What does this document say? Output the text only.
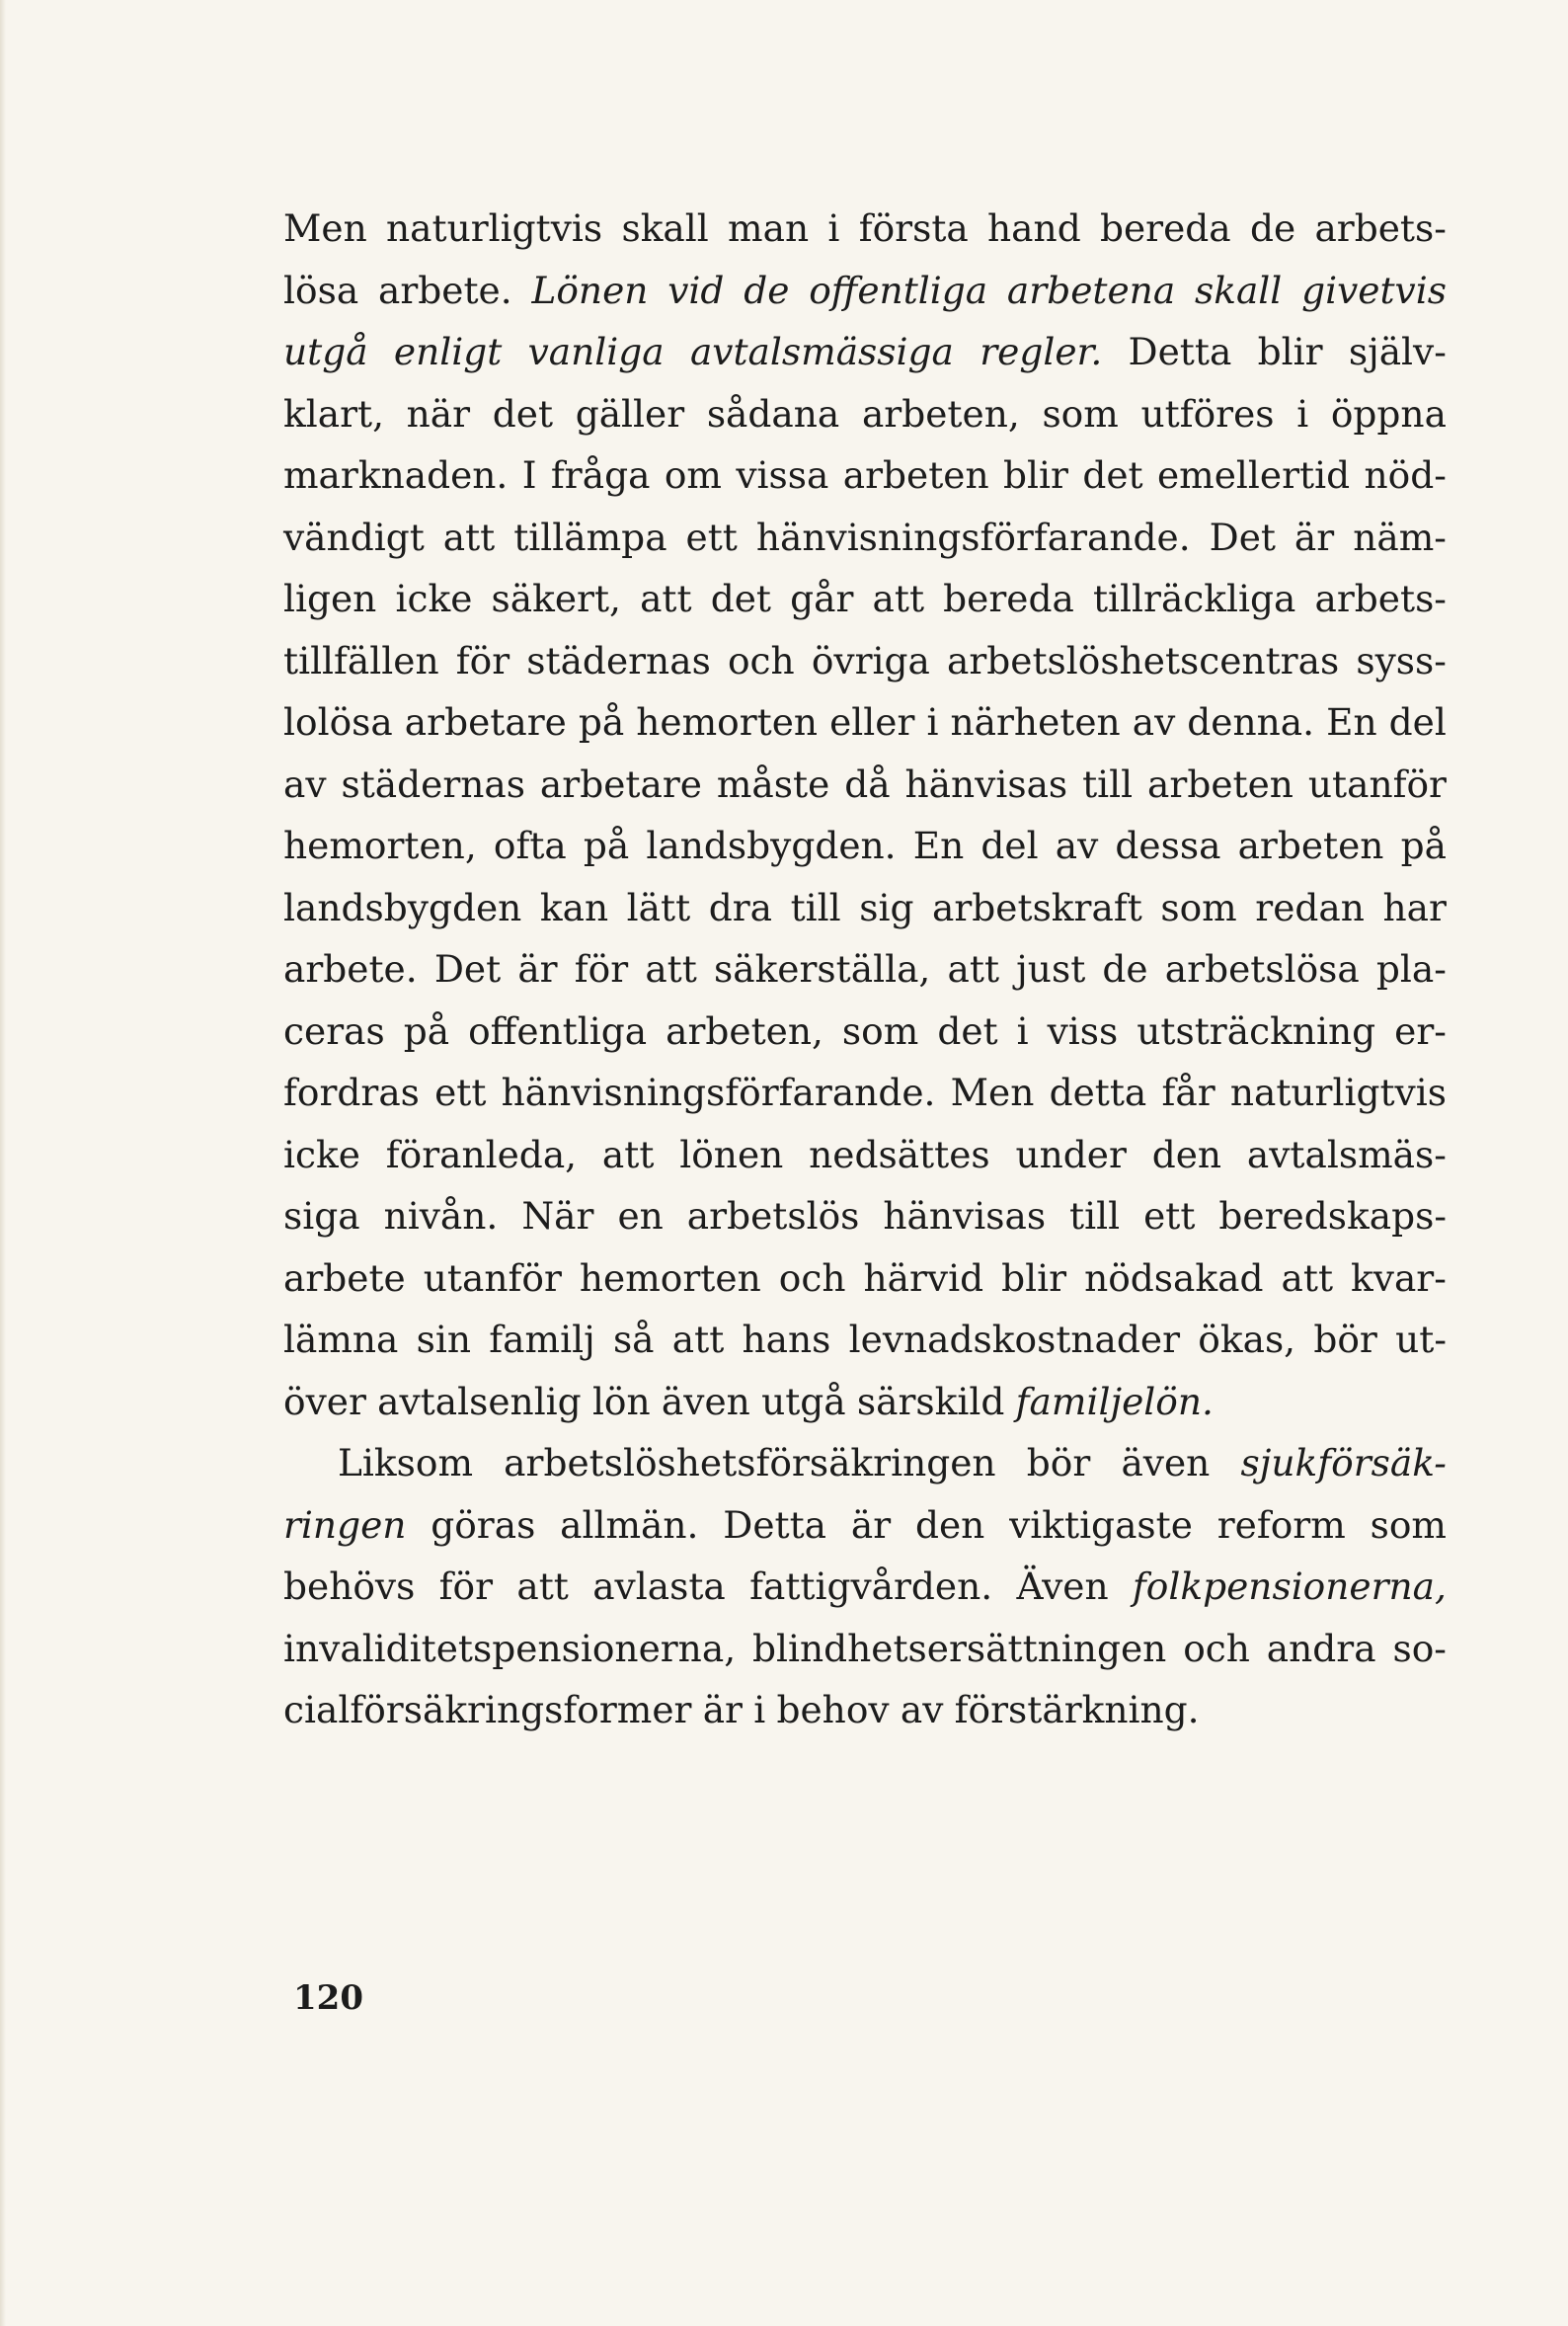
Men naturligtvis skall man i första hand bereda de arbets-
lösa arbete. Lönen vid de offentliga arbetena skall givetvis
utgå enligt vanliga avtalsmässiga regler. Detta blir själv-
klart, när det gäller sådana arbeten, som utföres i öppna
marknaden. I fråga om vissa arbeten blir det emellertid nöd-
vändigt att tillämpa ett hänvisningsförfarande. Det är näm-
ligen icke säkert, att det går att bereda tillräckliga arbets-
tillfällen för städernas och övriga arbetslöshetscentras syss-
lolösa arbetare på hemorten eller i närheten av denna. En del
av städernas arbetare måste då hänvisas till arbeten utanför
hemorten, ofta på landsbygden. En del av dessa arbeten på
landsbygden kan lätt dra till sig arbetskraft som redan har
arbete. Det är för att säkerställa, att just de arbetslösa pla-
ceras på offentliga arbeten, som det i viss utsträckning er-
fordras ett hänvisningsförfarande. Men detta får naturligtvis
icke föranleda, att lönen nedsättes under den avtalsmäs-
siga nivån. När en arbetslös hänvisas till ett beredskaps-
arbete utanför hemorten och härvid blir nödsakad att kvar-
lämna sin familj så att hans levnadskostnader ökas, bör ut-
över avtalsenlig lön även utgå särskild familjelön.
Liksom arbetslöshetsförsäkringen bör även sjukförsäk-
ringen göras allmän. Detta är den viktigaste reform som
behövs för att avlasta fattigvården. Även folkpensionerna,
invaliditetspensionerna, blindhetsersättningen och andra so-
cialförsäkringsformer är i behov av förstärkning.
120
